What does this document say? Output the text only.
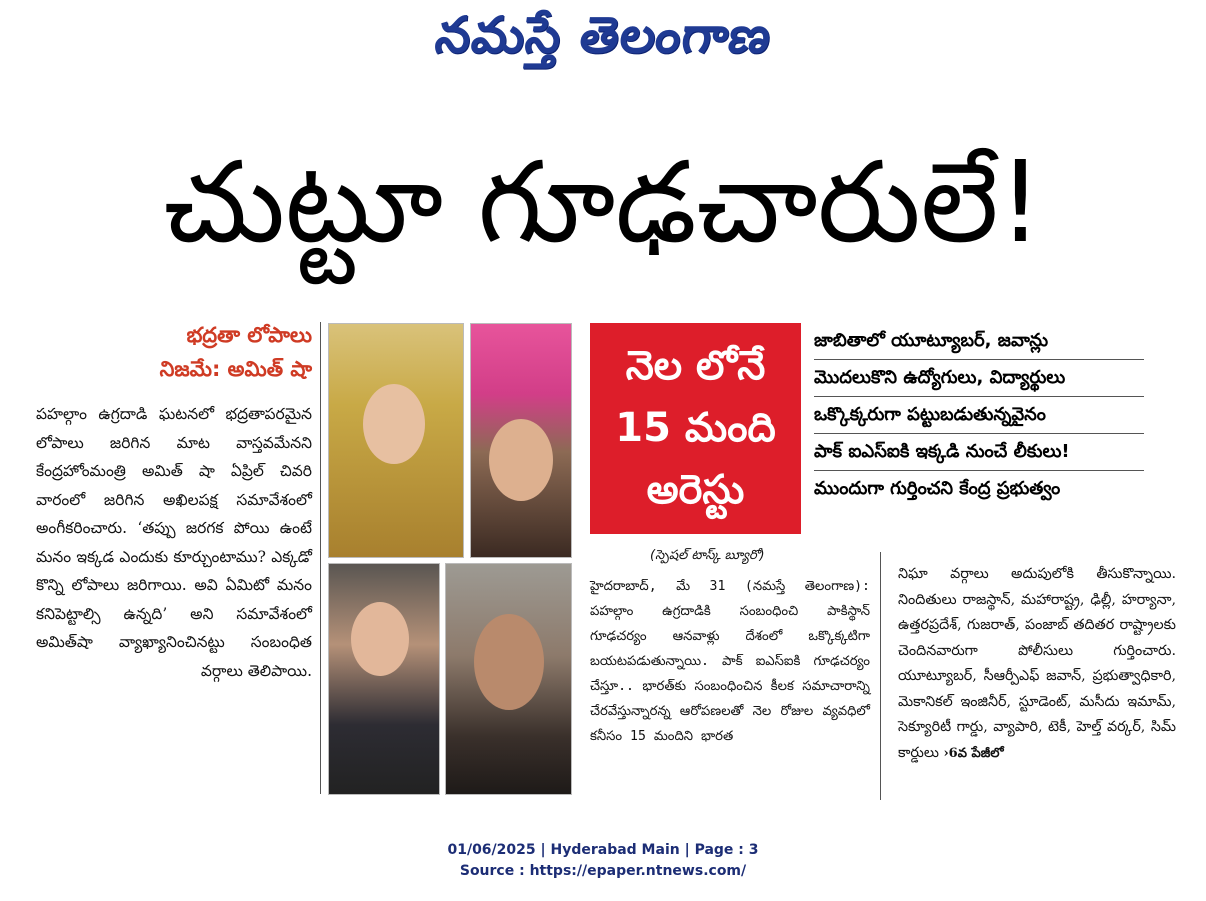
నమస్తే తెలంగాణ
చుట్టూ గూఢచారులే!
భద్రతా లోపాలు
నిజమే: అమిత్ షా
పహల్గాం ఉగ్రదాడి ఘటనలో భద్రతాపరమైన లోపాలు జరిగిన మాట వాస్తవమేనని కేంద్రహోంమంత్రి అమిత్ షా ఏప్రిల్ చివరి వారంలో జరిగిన అఖిలపక్ష సమావేశంలో అంగీకరించారు. ‘తప్పు జరగక పోయి ఉంటే మనం ఇక్కడ ఎందుకు కూర్చుంటాము? ఎక్కడో కొన్ని లోపాలు జరిగాయి. అవి ఏమిటో మనం కనిపెట్టాల్సి ఉన్నది’ అని సమావేశంలో అమిత్‌షా వ్యాఖ్యానించినట్టు సంబంధిత వర్గాలు తెలిపాయి.
నెల లోనే
15 మంది
అరెస్టు
జాబితాలో యూట్యూబర్, జవాన్లు
మొదలుకొని ఉద్యోగులు, విద్యార్థులు
ఒక్కొక్కరుగా పట్టుబడుతున్నవైనం
పాక్ ఐఎస్ఐకి ఇక్కడి నుంచే లీకులు!
ముందుగా గుర్తించని కేంద్ర ప్రభుత్వం
(స్పెషల్ టాస్క్ బ్యూరో)
హైదరాబాద్, మే 31 (నమస్తే తెలంగాణ): పహల్గాం ఉగ్రదాడికి సంబంధించి పాకిస్థాన్ గూఢచర్యం ఆనవాళ్లు దేశంలో ఒక్కొక్కటిగా బయటపడుతున్నాయి. పాక్ ఐఎస్ఐకి గూఢచర్యం చేస్తూ.. భారత్‌కు సంబంధించిన కీలక సమాచారాన్ని చేరవేస్తున్నారన్న ఆరోపణలతో నెల రోజుల వ్యవధిలో కనీసం 15 మందిని భారత
నిఘా వర్గాలు అదుపులోకి తీసుకొన్నాయి. నిందితులు రాజస్థాన్, మహారాష్ట్ర, ఢిల్లీ, హర్యానా, ఉత్తరప్రదేశ్, గుజరాత్, పంజాబ్ తదితర రాష్ట్రాలకు చెందినవారుగా పోలీసులు గుర్తించారు. యూట్యూబర్, సీఆర్పీఎఫ్ జవాన్, ప్రభుత్వాధికారి, మెకానికల్ ఇంజినీర్, స్టూడెంట్, మసీదు ఇమామ్, సెక్యూరిటీ గార్డు, వ్యాపారి, టెకీ, హెల్త్ వర్కర్, సిమ్ కార్డులు ›6వ పేజీలో
01/06/2025 | Hyderabad Main | Page : 3
Source : https://epaper.ntnews.com/
